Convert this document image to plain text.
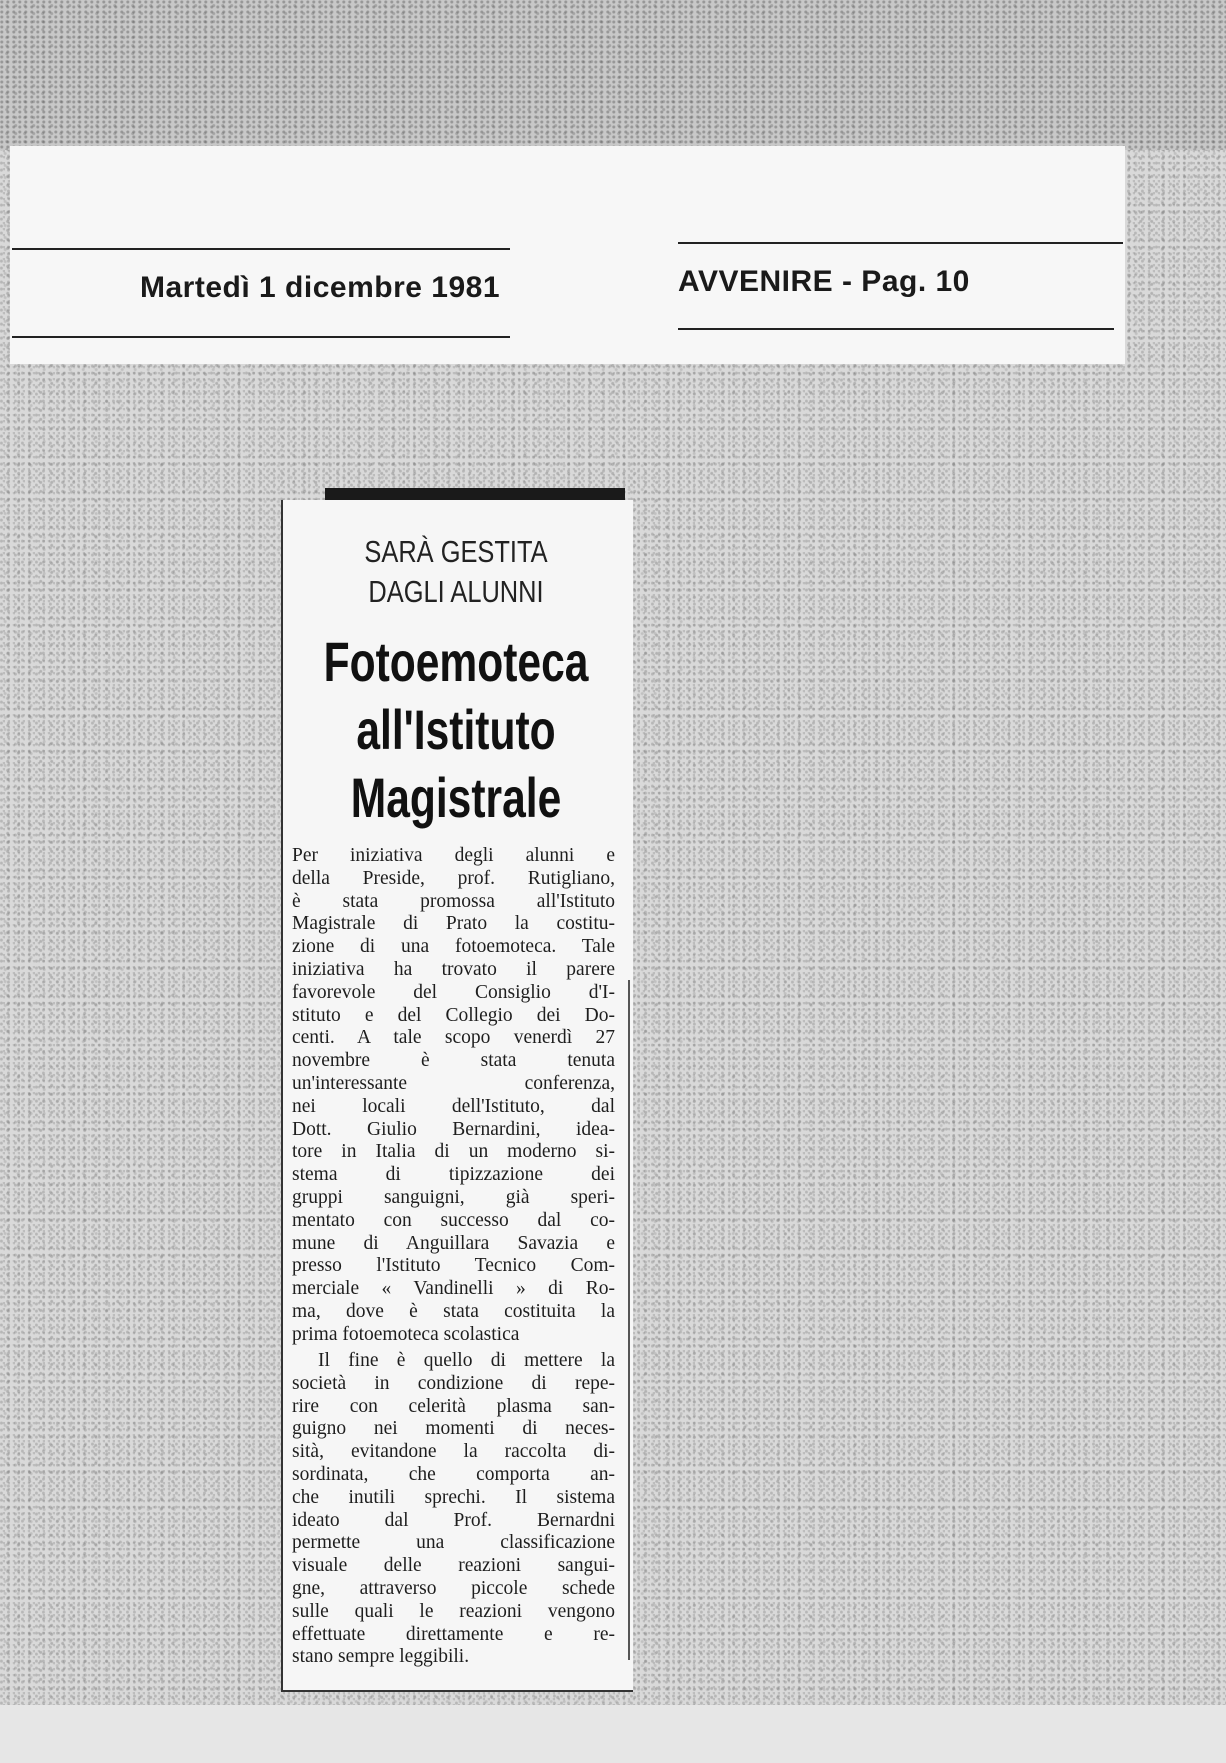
Martedì 1 dicembre 1981	AVVENIRE - Pag. 10
SARÀ GESTITA
DAGLI ALUNNI
Fotoemoteca
all'Istituto
Magistrale
Per iniziativa degli alunni e
della Preside, prof. Rutigliano,
è stata promossa all'Istituto
Magistrale di Prato la costitu-
zione di una fotoemoteca. Tale
iniziativa ha trovato il parere
favorevole del Consiglio d'I-
stituto e del Collegio dei Do-
centi. A tale scopo venerdì 27
novembre è stata tenuta
un'interessante conferenza,
nei locali dell'Istituto, dal
Dott. Giulio Bernardini, idea-
tore in Italia di un moderno si-
stema di tipizzazione dei
gruppi sanguigni, già speri-
mentato con successo dal co-
mune di Anguillara Savazia e
presso l'Istituto Tecnico Com-
merciale « Vandinelli » di Ro-
ma, dove è stata costituita la
prima fotoemoteca scolastica
Il fine è quello di mettere la
società in condizione di repe-
rire con celerità plasma san-
guigno nei momenti di neces-
sità, evitandone la raccolta di-
sordinata, che comporta an-
che inutili sprechi. Il sistema
ideato dal Prof. Bernardni
permette una classificazione
visuale delle reazioni sangui-
gne, attraverso piccole schede
sulle quali le reazioni vengono
effettuate direttamente e re-
stano sempre leggibili.
